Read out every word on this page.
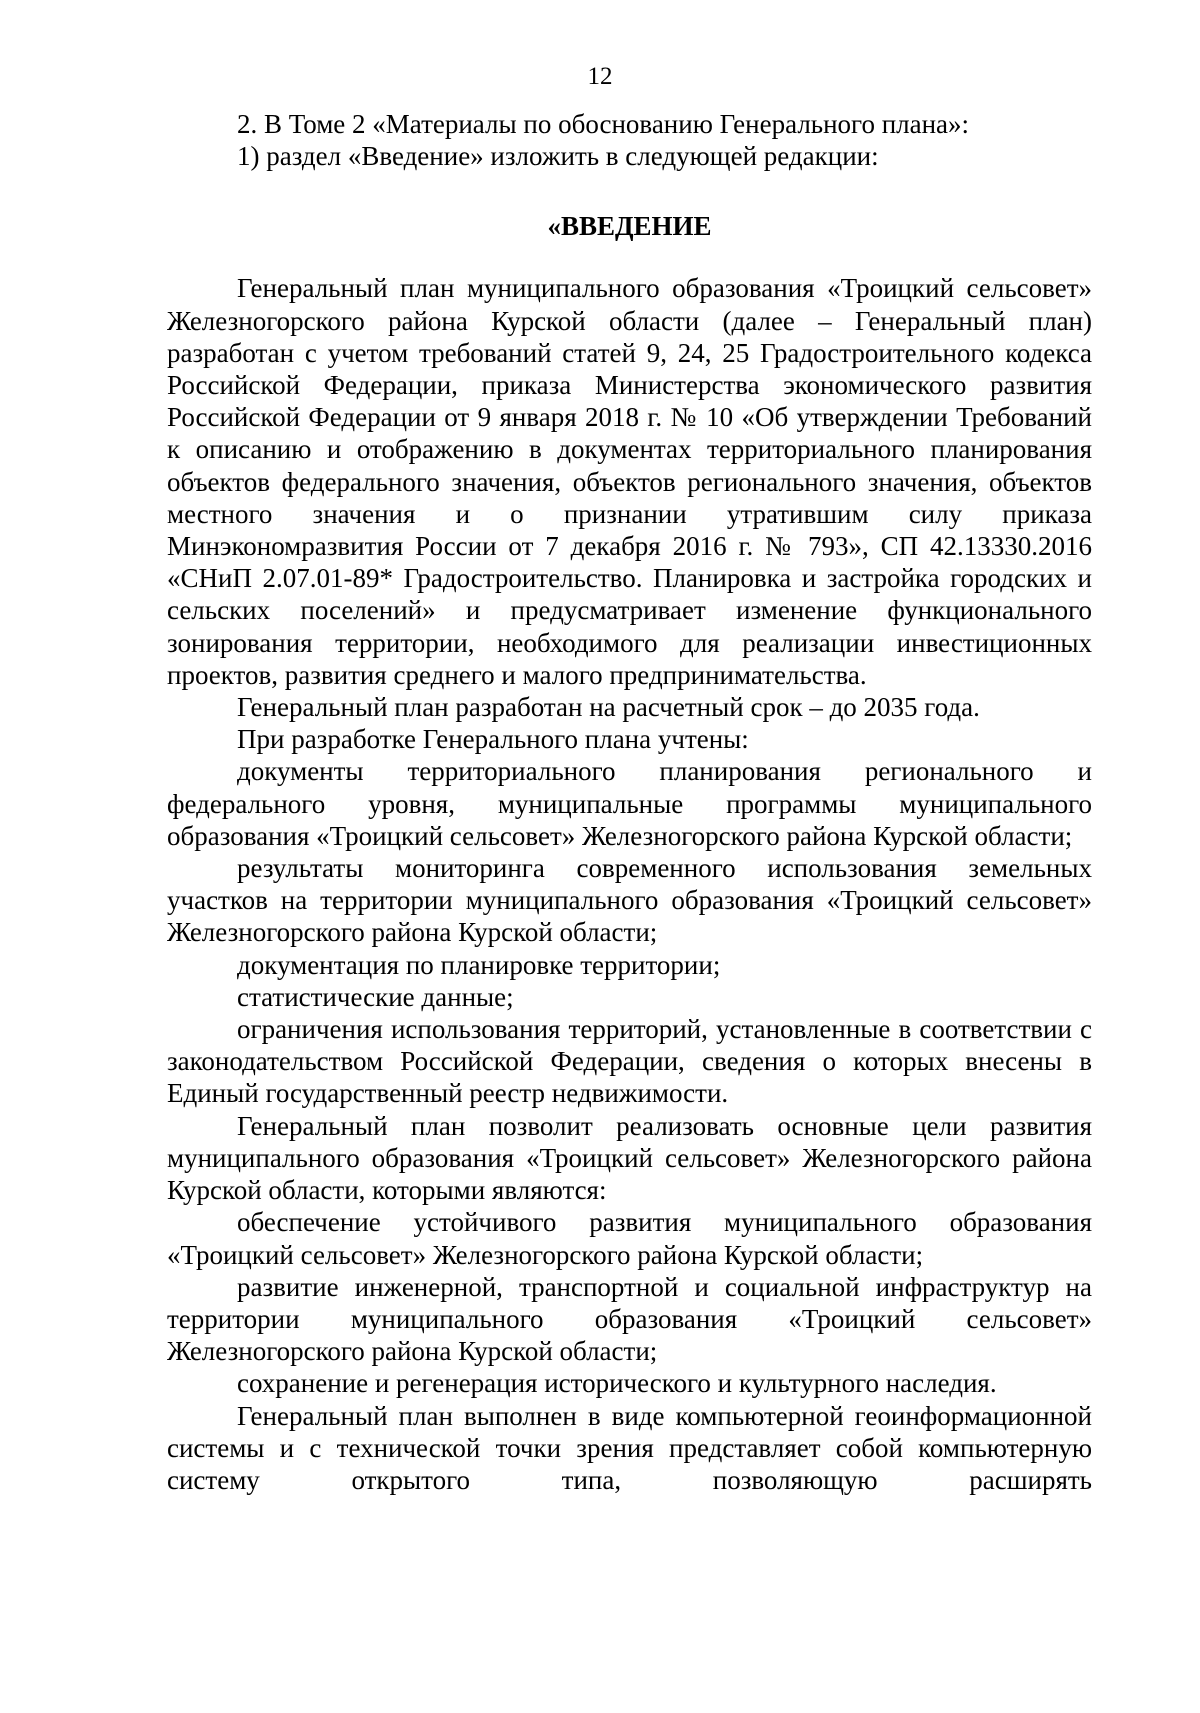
12

2. В Томе 2 «Материалы по обоснованию Генерального плана»:

1) раздел «Введение» изложить в следующей редакции:

«ВВЕДЕНИЕ

Генеральный план муниципального образования «Троицкий сельсовет» Железногорского района Курской области (далее – Генеральный план) разработан с учетом требований статей 9, 24, 25 Градостроительного кодекса Российской Федерации, приказа Министерства экономического развития Российской Федерации от 9 января 2018 г. № 10 «Об утверждении Требований к описанию и отображению в документах территориального планирования объектов федерального значения, объектов регионального значения, объектов местного значения и о признании утратившим силу приказа Минэкономразвития России от 7 декабря 2016 г. № 793», СП 42.13330.2016 «СНиП 2.07.01-89* Градостроительство. Планировка и застройка городских и сельских поселений» и предусматривает изменение функционального зонирования территории, необходимого для реализации инвестиционных проектов, развития среднего и малого предпринимательства.

Генеральный план разработан на расчетный срок – до 2035 года.

При разработке Генерального плана учтены:

документы территориального планирования регионального и федерального уровня, муниципальные программы муниципального образования «Троицкий сельсовет» Железногорского района Курской области;

результаты мониторинга современного использования земельных участков на территории муниципального образования «Троицкий сельсовет» Железногорского района Курской области;

документация по планировке территории;

статистические данные;

ограничения использования территорий, установленные в соответствии с законодательством Российской Федерации, сведения о которых внесены в Единый государственный реестр недвижимости.

Генеральный план позволит реализовать основные цели развития муниципального образования «Троицкий сельсовет» Железногорского района Курской области, которыми являются:

обеспечение устойчивого развития муниципального образования «Троицкий сельсовет» Железногорского района Курской области;

развитие инженерной, транспортной и социальной инфраструктур на территории муниципального образования «Троицкий сельсовет» Железногорского района Курской области;

сохранение и регенерация исторического и культурного наследия.

Генеральный план выполнен в виде компьютерной геоинформационной системы и с технической точки зрения представляет собой компьютерную систему открытого типа, позволяющую расширять
